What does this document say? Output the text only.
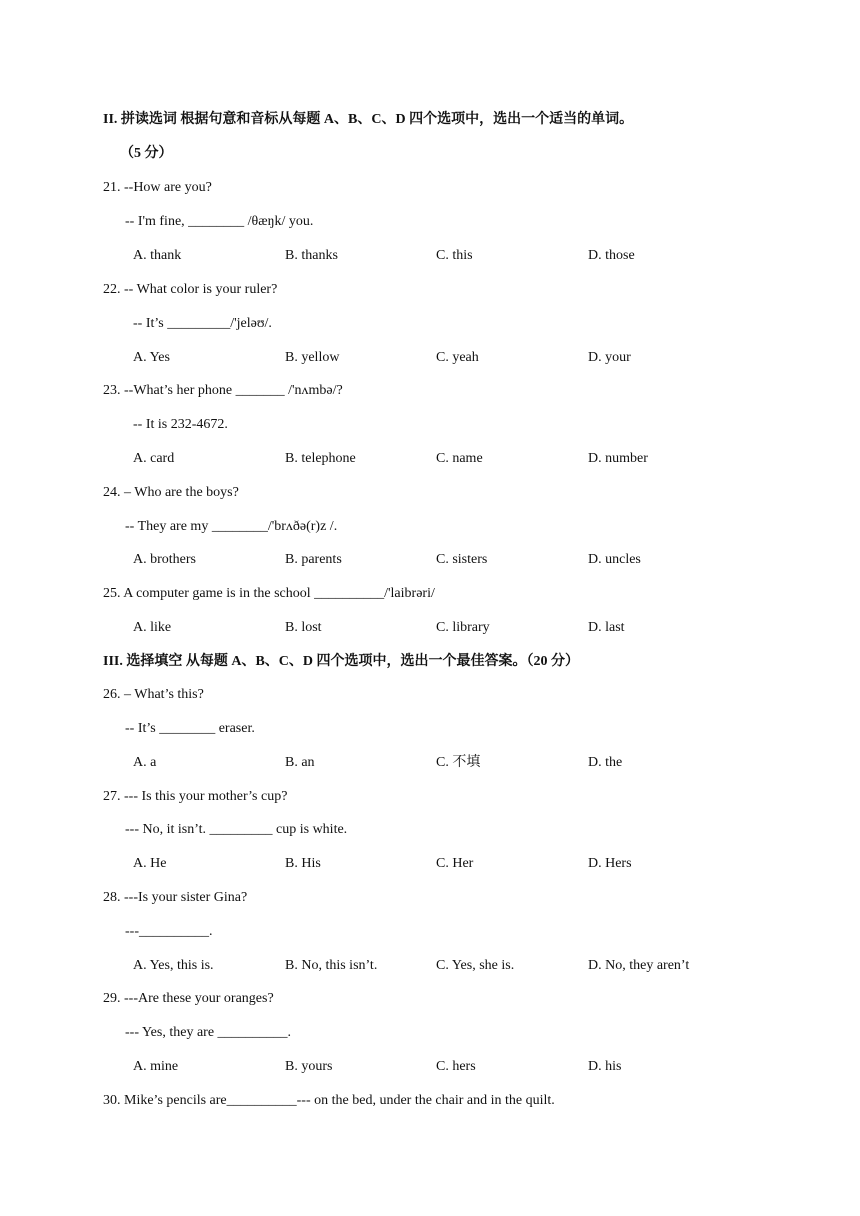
II. 拼读选词 根据句意和音标从每题 A、B、C、D 四个选项中，选出一个适当的单词。
（5 分）
21. --How are you?
-- I'm fine, ________ /θæŋk/ you.
A. thank	B. thanks	C. this	D. those
22. -- What color is your ruler?
-- It’s _________/'jeləʊ/.
A. Yes	B. yellow	C. yeah	D. your
23. --What’s her phone _______ /'nʌmbə/?
-- It is 232-4672.
A. card	B. telephone	C. name	D. number
24. – Who are the boys?
-- They are my ________/'brʌðə(r)z /.
A. brothers	B. parents	C. sisters	D. uncles
25. A computer game is in the school __________/'laibrəri/
A. like	B. lost	C. library	D. last
III. 选择填空 从每题 A、B、C、D 四个选项中，选出一个最佳答案。（20 分）
26. – What’s this?
-- It’s ________ eraser.
A. a	B. an	C. 不填	D. the
27. --- Is this your mother’s cup?
--- No, it isn’t. _________ cup is white.
A. He	B. His	C. Her	D. Hers
28. ---Is your sister Gina?
---__________.
A. Yes, this is.	B. No, this isn’t.	C. Yes, she is.	D. No, they aren’t
29. ---Are these your oranges?
--- Yes, they are __________.
A. mine	B. yours	C. hers	D. his
30. Mike’s pencils are__________--- on the bed, under the chair and in the quilt.
